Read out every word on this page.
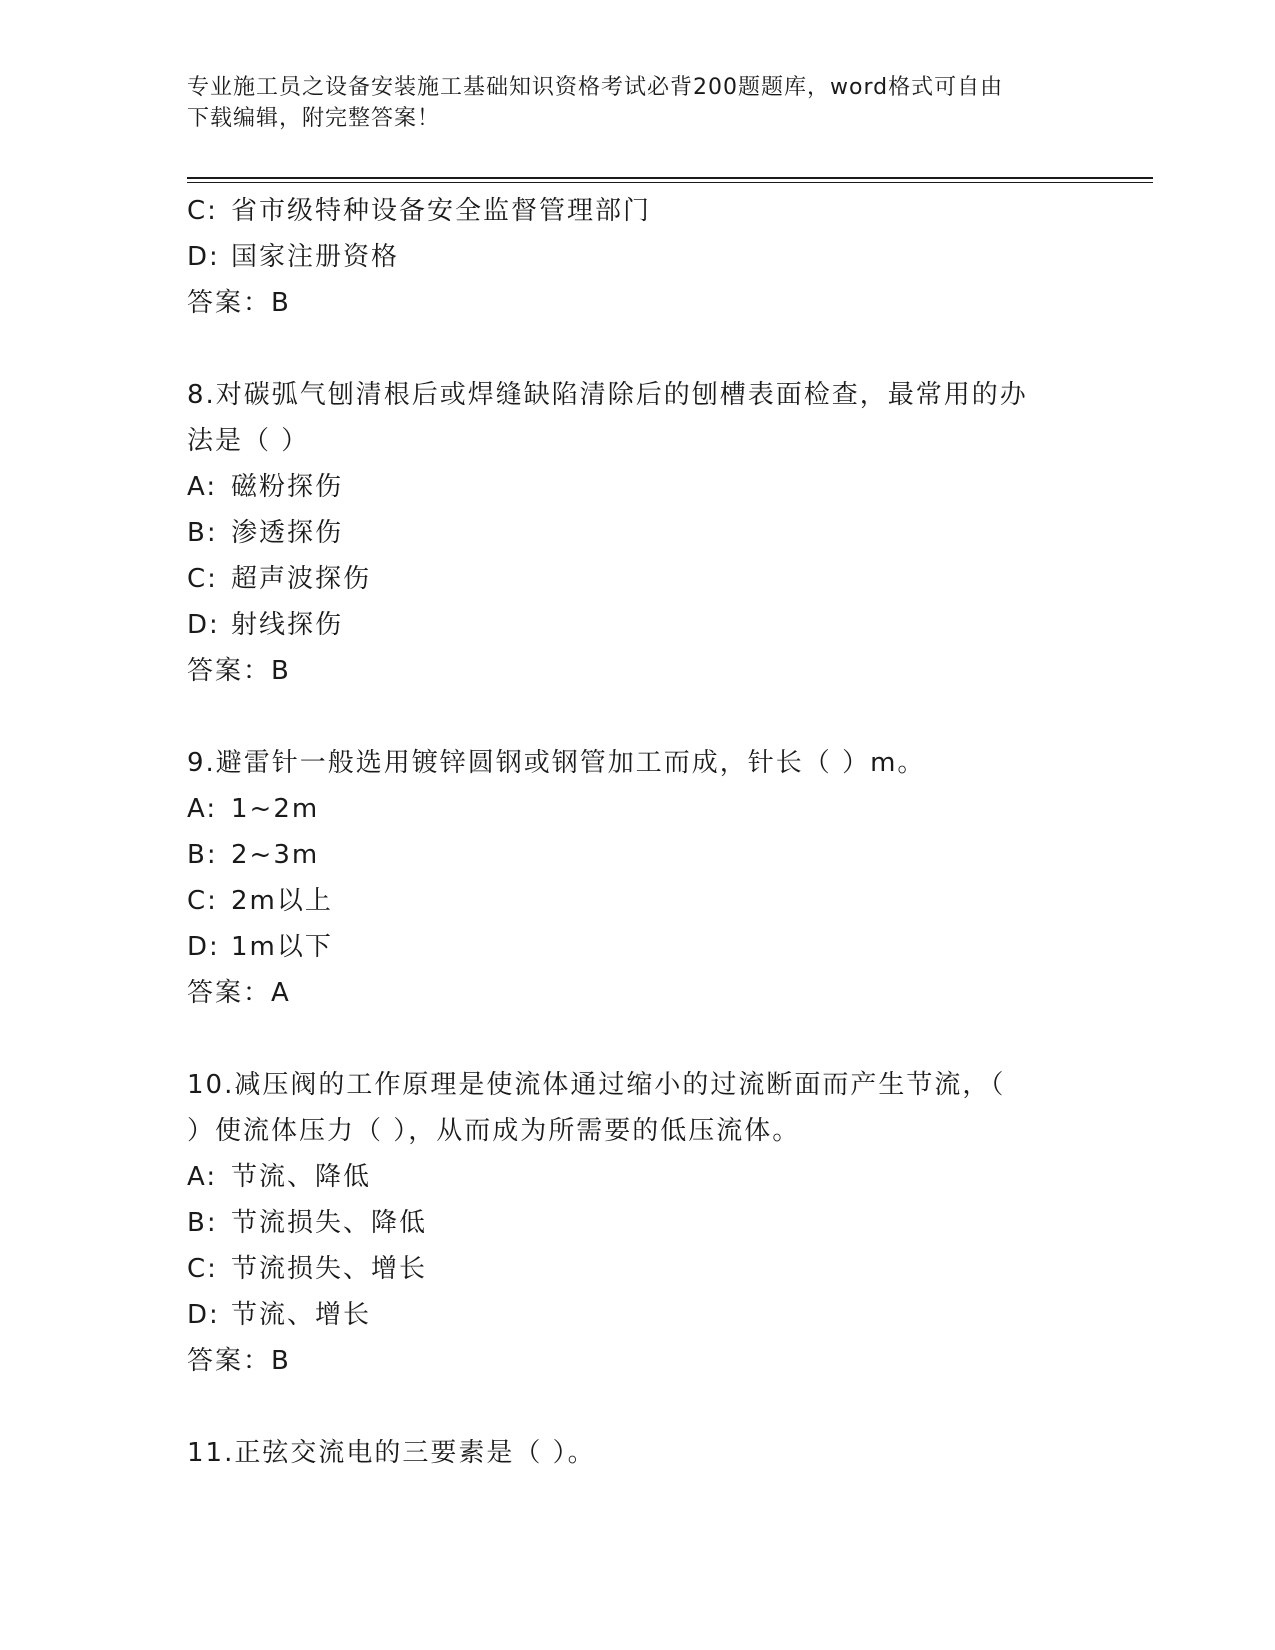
专业施工员之设备安装施工基础知识资格考试必背200题题库，word格式可自由
下载编辑，附完整答案！
C: 省市级特种设备安全监督管理部门
D: 国家注册资格
答案：B
8.对碳弧气刨清根后或焊缝缺陷清除后的刨槽表面检查，最常用的办
法是（ ）
A: 磁粉探伤
B: 渗透探伤
C: 超声波探伤
D: 射线探伤
答案：B
9.避雷针一般选用镀锌圆钢或钢管加工而成，针长（ ）m。
A: 1~2m
B: 2~3m
C: 2m以上
D: 1m以下
答案：A
10.减压阀的工作原理是使流体通过缩小的过流断面而产生节流，（
）使流体压力（ ），从而成为所需要的低压流体。
A: 节流、降低
B: 节流损失、降低
C: 节流损失、增长
D: 节流、增长
答案：B
11.正弦交流电的三要素是（ ）。
